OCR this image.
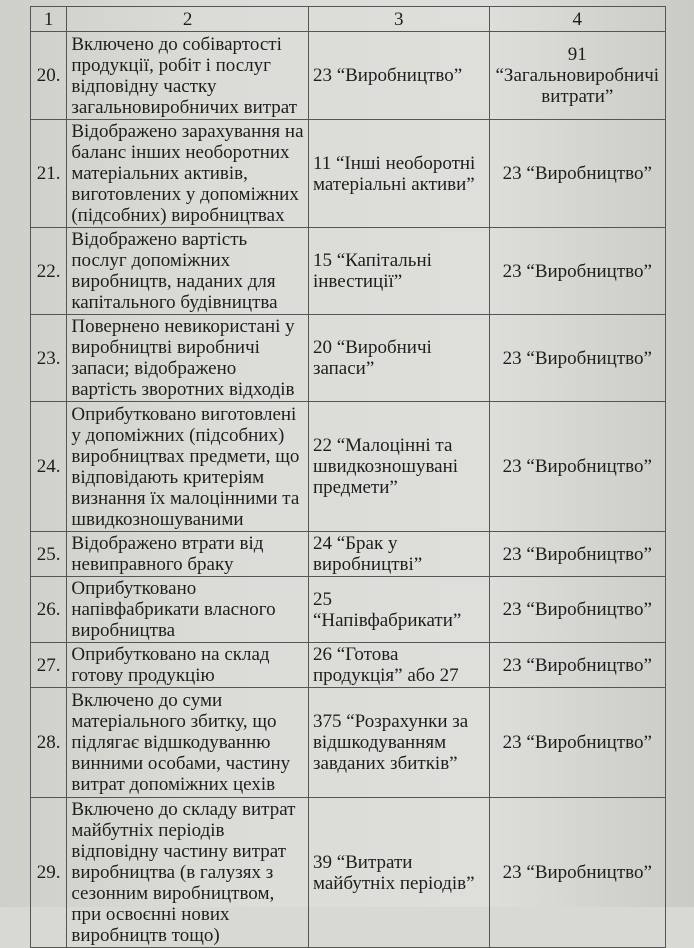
1	2	3	4
20.	Включено до собівартості продукції, робіт і послуг відповідну частку загальновиробничих витрат	23 “Виробництво”	91 “Загальновиробничі витрати”
21.	Відображено зарахування на баланс інших необоротних матеріальних активів, виготовлених у допоміжних (підсобних) виробництвах	11 “Інші необоротні матеріальні активи”	23 “Виробництво”
22.	Відображено вартість послуг допоміжних виробництв, наданих для капітального будівництва	15 “Капітальні інвестиції”	23 “Виробництво”
23.	Повернено невикористані у виробництві виробничі запаси; відображено вартість зворотних відходів	20 “Виробничі запаси”	23 “Виробництво”
24.	Оприбутковано виготовлені у допоміжних (підсобних) виробництвах предмети, що відповідають критеріям визнання їх малоцінними та швидкозношуваними	22 “Малоцінні та швидкозношувані предмети”	23 “Виробництво”
25.	Відображено втрати від невиправного браку	24 “Брак у виробництві”	23 “Виробництво”
26.	Оприбутковано напівфабрикати власного виробництва	25 “Напівфабрикати”	23 “Виробництво”
27.	Оприбутковано на склад готову продукцію	26 “Готова продукція” або 27	23 “Виробництво”
28.	Включено до суми матеріального збитку, що підлягає відшкодуванню винними особами, частину витрат допоміжних цехів	375 “Розрахунки за відшкодуванням завданих збитків”	23 “Виробництво”
29.	Включено до складу витрат майбутніх періодів відповідну частину витрат виробництва (в галузях з сезонним виробництвом, при освоєнні нових виробництв тощо)	39 “Витрати майбутніх періодів”	23 “Виробництво”
